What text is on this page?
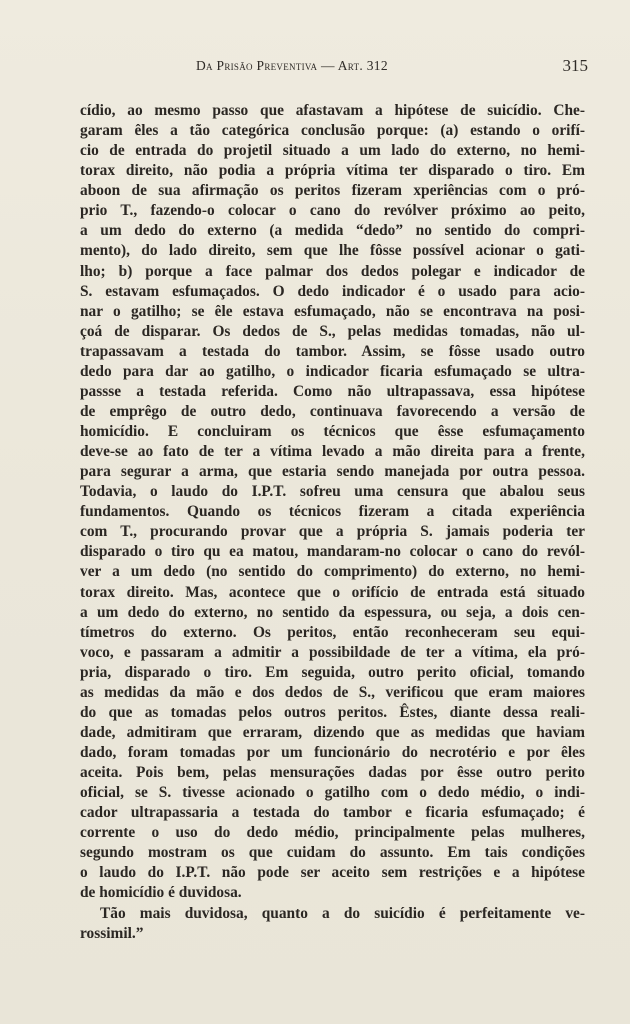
Da Prisão Preventiva — Art. 312	315
cídio, ao mesmo passo que afastavam a hipótese de suicídio. Che-
garam êles a tão categórica conclusão porque: (a) estando o orifí-
cio de entrada do projetil situado a um lado do externo, no hemi-
torax direito, não podia a própria vítima ter disparado o tiro. Em
aboon de sua afirmação os peritos fizeram xperiências com o pró-
prio T., fazendo-o colocar o cano do revólver próximo ao peito,
a um dedo do externo (a medida “dedo” no sentido do compri-
mento), do lado direito, sem que lhe fôsse possível acionar o gati-
lho; b) porque a face palmar dos dedos polegar e indicador de
S. estavam esfumaçados. O dedo indicador é o usado para acio-
nar o gatilho; se êle estava esfumaçado, não se encontrava na posi-
çoá de disparar. Os dedos de S., pelas medidas tomadas, não ul-
trapassavam a testada do tambor. Assim, se fôsse usado outro
dedo para dar ao gatilho, o indicador ficaria esfumaçado se ultra-
passse a testada referida. Como não ultrapassava, essa hipótese
de emprêgo de outro dedo, continuava favorecendo a versão de
homicídio. E concluiram os técnicos que êsse esfumaçamento
deve-se ao fato de ter a vítima levado a mão direita para a frente,
para segurar a arma, que estaria sendo manejada por outra pessoa.
Todavia, o laudo do I.P.T. sofreu uma censura que abalou seus
fundamentos. Quando os técnicos fizeram a citada experiência
com T., procurando provar que a própria S. jamais poderia ter
disparado o tiro qu ea matou, mandaram-no colocar o cano do revól-
ver a um dedo (no sentido do comprimento) do externo, no hemi-
torax direito. Mas, acontece que o orifício de entrada está situado
a um dedo do externo, no sentido da espessura, ou seja, a dois cen-
tímetros do externo. Os peritos, então reconheceram seu equi-
voco, e passaram a admitir a possibildade de ter a vítima, ela pró-
pria, disparado o tiro. Em seguida, outro perito oficial, tomando
as medidas da mão e dos dedos de S., verificou que eram maiores
do que as tomadas pelos outros peritos. Êstes, diante dessa reali-
dade, admitiram que erraram, dizendo que as medidas que haviam
dado, foram tomadas por um funcionário do necrotério e por êles
aceita. Pois bem, pelas mensurações dadas por êsse outro perito
oficial, se S. tivesse acionado o gatilho com o dedo médio, o indi-
cador ultrapassaria a testada do tambor e ficaria esfumaçado; é
corrente o uso do dedo médio, principalmente pelas mulheres,
segundo mostram os que cuidam do assunto. Em tais condições
o laudo do I.P.T. não pode ser aceito sem restrições e a hipótese
de homicídio é duvidosa.
Tão mais duvidosa, quanto a do suicídio é perfeitamente ve-
rossimil.”
